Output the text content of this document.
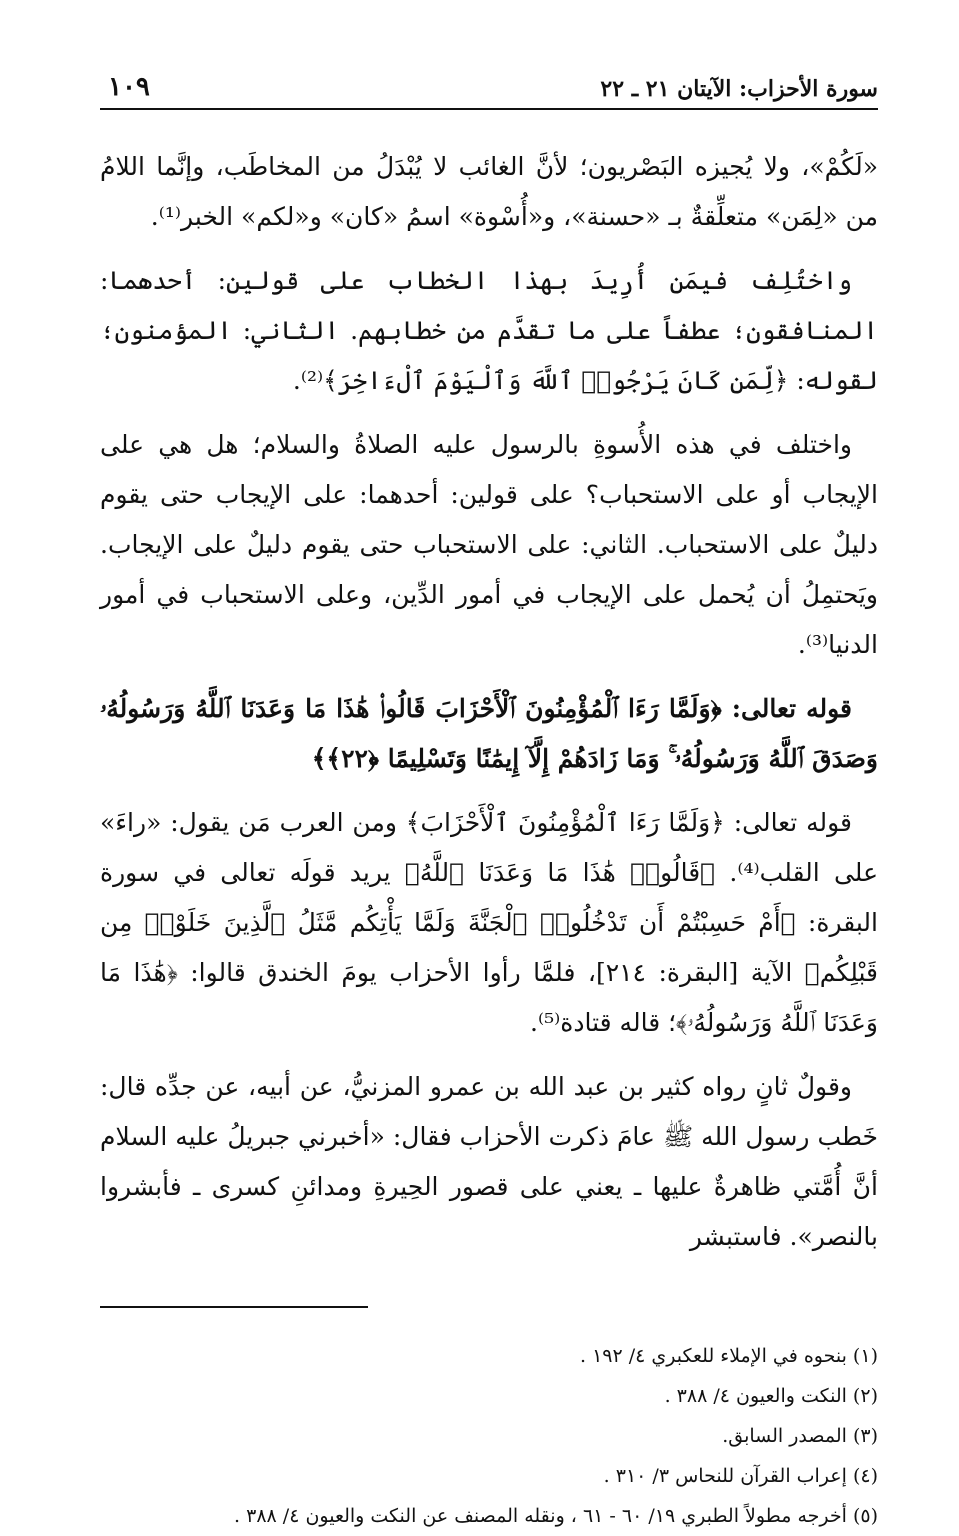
سورة الأحزاب: الآيتان ٢١ ـ ٢٢
١٠٩

«لَكُمْ»، ولا يُجيزه البَصْريون؛ لأنَّ الغائب لا يُبْدَلُ من المخاطَب، وإنَّما اللامُ من «لِمَن» متعلِّقةٌ بـ «حسنة»، و«أُسْوة» اسمُ «كان» و«لكم» الخبر⁽¹⁾.

واختُلِف فيمَن أُرِيدَ بهذا الخطاب على قولين: أحدهما: المنافقون؛ عطفاً على ما تقدَّم من خطابهم. الثاني: المؤمنون؛ لقوله: ﴿لِّمَن كَانَ يَرْجُوا۟ ٱللَّهَ وَٱلْيَوْمَ ٱلْءَاخِرَ﴾⁽²⁾.

واختلف في هذه الأُسوةِ بالرسول عليه الصلاةُ والسلام؛ هل هي على الإيجاب أو على الاستحباب؟ على قولين: أحدهما: على الإيجاب حتى يقوم دليلٌ على الاستحباب. الثاني: على الاستحباب حتى يقوم دليلٌ على الإيجاب. ويَحتمِلُ أن يُحمل على الإيجاب في أمور الدِّين، وعلى الاستحباب في أمور الدنيا⁽³⁾.

قوله تعالى: ﴿وَلَمَّا رَءَا ٱلْمُؤْمِنُونَ ٱلْأَحْزَابَ قَالُوا۟ هَٰذَا مَا وَعَدَنَا ٱللَّهُ وَرَسُولُهُۥ وَصَدَقَ ٱللَّهُ وَرَسُولُهُۥ ۚ وَمَا زَادَهُمْ إِلَّآ إِيمَٰنًا وَتَسْلِيمًا ﴿٢٢﴾﴾

قوله تعالى: ﴿وَلَمَّا رَءَا ٱلْمُؤْمِنُونَ ٱلْأَحْزَابَ﴾ ومن العرب مَن يقول: «راءَ» على القلب⁽⁴⁾. ﴿قَالُوا۟ هَٰذَا مَا وَعَدَنَا ٱللَّهُ﴾ يريد قولَه تعالى في سورة البقرة: ﴿أَمْ حَسِبْتُمْ أَن تَدْخُلُوا۟ ٱلْجَنَّةَ وَلَمَّا يَأْتِكُم مَّثَلُ ٱلَّذِينَ خَلَوْا۟ مِن قَبْلِكُم﴾ الآية [البقرة: ٢١٤]، فلمَّا رأوا الأحزاب يومَ الخندق قالوا: ﴿هَٰذَا مَا وَعَدَنَا ٱللَّهُ وَرَسُولُهُۥ﴾؛ قاله قتادة⁽⁵⁾.

وقولٌ ثانٍ رواه كثير بن عبد الله بن عمرو المزنيُّ، عن أبيه، عن جدِّه قال: خَطب رسول الله ﷺ عامَ ذكرت الأحزاب فقال: «أخبرني جبريلُ عليه السلام أنَّ أُمَّتي ظاهرةٌ عليها ـ يعني على قصور الحِيرةِ ومدائنِ كسرى ـ فأبشروا بالنصر». فاستبشر

(١) بنحوه في الإملاء للعكبري ٤/ ١٩٢ .

(٢) النكت والعيون ٤/ ٣٨٨ .

(٣) المصدر السابق.

(٤) إعراب القرآن للنحاس ٣/ ٣١٠ .

(٥) أخرجه مطولاً الطبري ١٩/ ٦٠ - ٦١ ، ونقله المصنف عن النكت والعيون ٤/ ٣٨٨ .
